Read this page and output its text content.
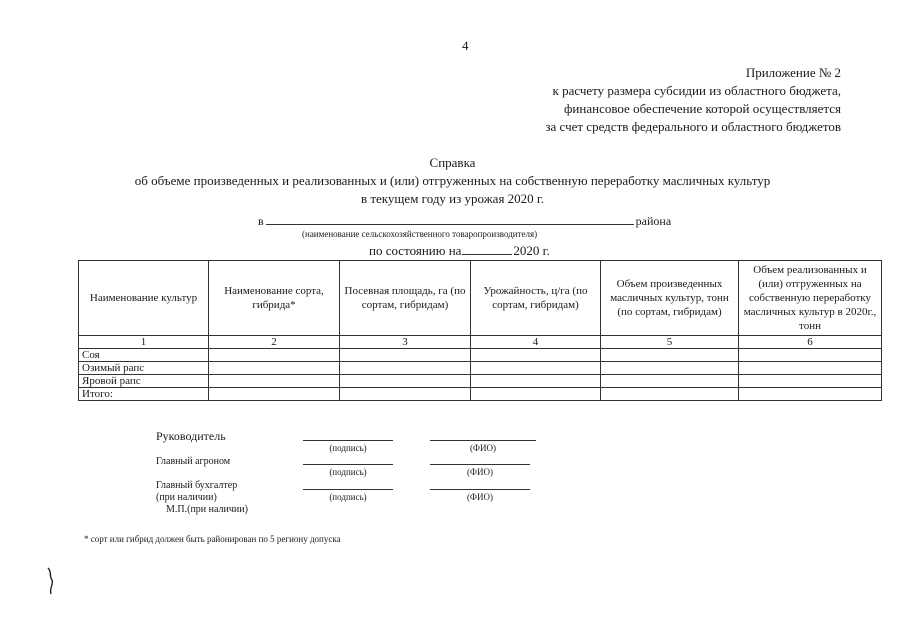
4
Приложение № 2
к расчету размера субсидии из областного бюджета,
финансовое обеспечение которой осуществляется
за счет средств федерального и областного бюджетов
Справка
об объеме произведенных и реализованных и (или) отгруженных на собственную переработку масличных культур
в текущем году из урожая 2020 г.
в	района
(наименование сельскохозяйственного товаропроизводителя)
по состоянию на	2020 г.
Наименование культур	Наименование сорта, гибрида*	Посевная площадь, га (по сортам, гибридам)	Урожайность, ц/га (по сортам, гибридам)	Объем произведенных масличных культур, тонн (по сортам, гибридам)	Объем реализованных и (или) отгруженных на собственную переработку масличных культур в 2020г., тонн
1	2	3	4	5	6
Соя					
Озимый рапс					
Яровой рапс					
Итого:					
Руководитель
(подпись)	(ФИО)
Главный агроном
(подпись)	(ФИО)
Главный бухгалтер
(при наличии)	(подпись)	(ФИО)
М.П.(при наличии)
* сорт или гибрид должен быть районирован по 5 региону допуска
